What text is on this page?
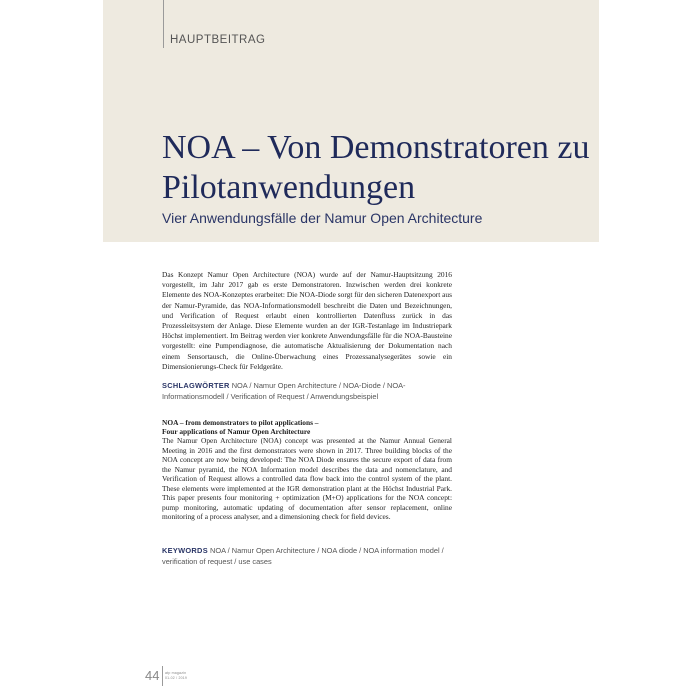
HAUPTBEITRAG
NOA – Von Demonstratoren zu Pilotanwendungen
Vier Anwendungsfälle der Namur Open Architecture

Das Konzept Namur Open Architecture (NOA) wurde auf der Namur-Hauptsitzung 2016 vorgestellt, im Jahr 2017 gab es erste Demonstratoren. Inzwischen werden drei konkrete Elemente des NOA-Konzeptes erarbeitet: Die NOA-Diode sorgt für den sicheren Datenexport aus der Namur-Pyramide, das NOA-Informationsmodell beschreibt die Daten und Bezeichnungen, und Verification of Request erlaubt einen kontrollierten Datenfluss zurück in das Prozessleitsystem der Anlage. Diese Elemente wurden an der IGR-Testanlage im Industriepark Höchst implementiert. Im Beitrag werden vier konkrete Anwendungsfälle für die NOA-Bausteine vorgestellt: eine Pumpendiagnose, die automatische Aktualisierung der Dokumentation nach einem Sensortausch, die Online-Überwachung eines Prozessanalysegerätes sowie ein Dimensionierungs-Check für Feldgeräte.

SCHLAGWÖRTER NOA / Namur Open Architecture / NOA-Diode / NOA-Informationsmodell / Verification of Request / Anwendungsbeispiel
NOA – from demonstrators to pilot applications –
Four applications of Namur Open Architecture

The Namur Open Architecture (NOA) concept was presented at the Namur Annual General Meeting in 2016 and the first demonstrators were shown in 2017. Three building blocks of the NOA concept are now being developed: The NOA Diode ensures the secure export of data from the Namur pyramid, the NOA Information model describes the data and nomenclature, and Verification of Request allows a controlled data flow back into the control system of the plant. These elements were implemented at the IGR demonstration plant at the Höchst Industrial Park. This paper presents four monitoring + optimization (M+O) applications for the NOA concept: pump monitoring, automatic updating of documentation after sensor replacement, online monitoring of a process analyser, and a dimensioning check for field devices.

KEYWORDS NOA / Namur Open Architecture / NOA diode / NOA information model / verification of request / use cases
44 atp magazin
01-02 / 2019
